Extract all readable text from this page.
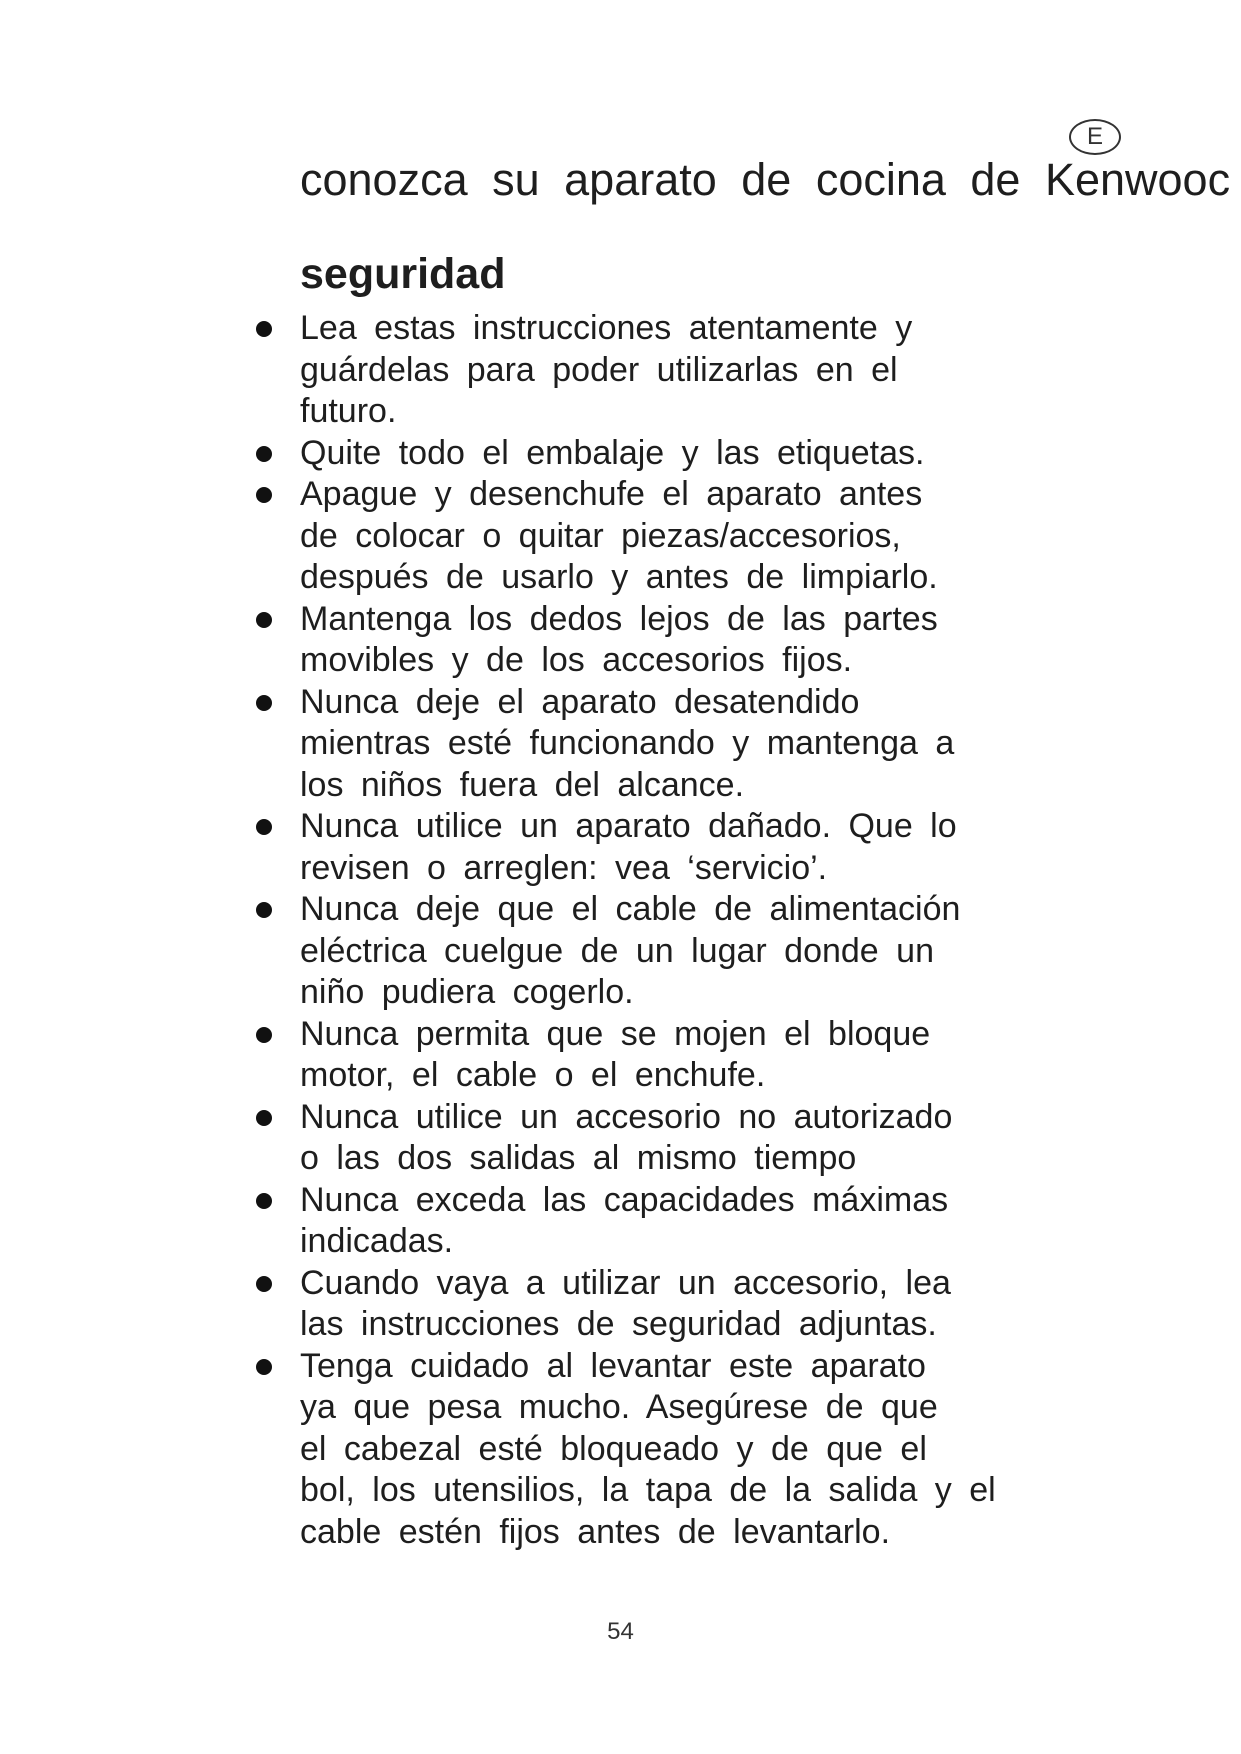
E
conozca su aparato de cocina de Kenwooc
seguridad
Lea estas instrucciones atentamente y
guárdelas para poder utilizarlas en el
futuro.
Quite todo el embalaje y las etiquetas.
Apague y desenchufe el aparato antes
de colocar o quitar piezas/accesorios,
después de usarlo y antes de limpiarlo.
Mantenga los dedos lejos de las partes
movibles y de los accesorios fijos.
Nunca deje el aparato desatendido
mientras esté funcionando y mantenga a
los niños fuera del alcance.
Nunca utilice un aparato dañado. Que lo
revisen o arreglen: vea ‘servicio’.
Nunca deje que el cable de alimentación
eléctrica cuelgue de un lugar donde un
niño pudiera cogerlo.
Nunca permita que se mojen el bloque
motor, el cable o el enchufe.
Nunca utilice un accesorio no autorizado
o las dos salidas al mismo tiempo
Nunca exceda las capacidades máximas
indicadas.
Cuando vaya a utilizar un accesorio, lea
las instrucciones de seguridad adjuntas.
Tenga cuidado al levantar este aparato
ya que pesa mucho. Asegúrese de que
el cabezal esté bloqueado y de que el
bol, los utensilios, la tapa de la salida y el
cable estén fijos antes de levantarlo.
54
